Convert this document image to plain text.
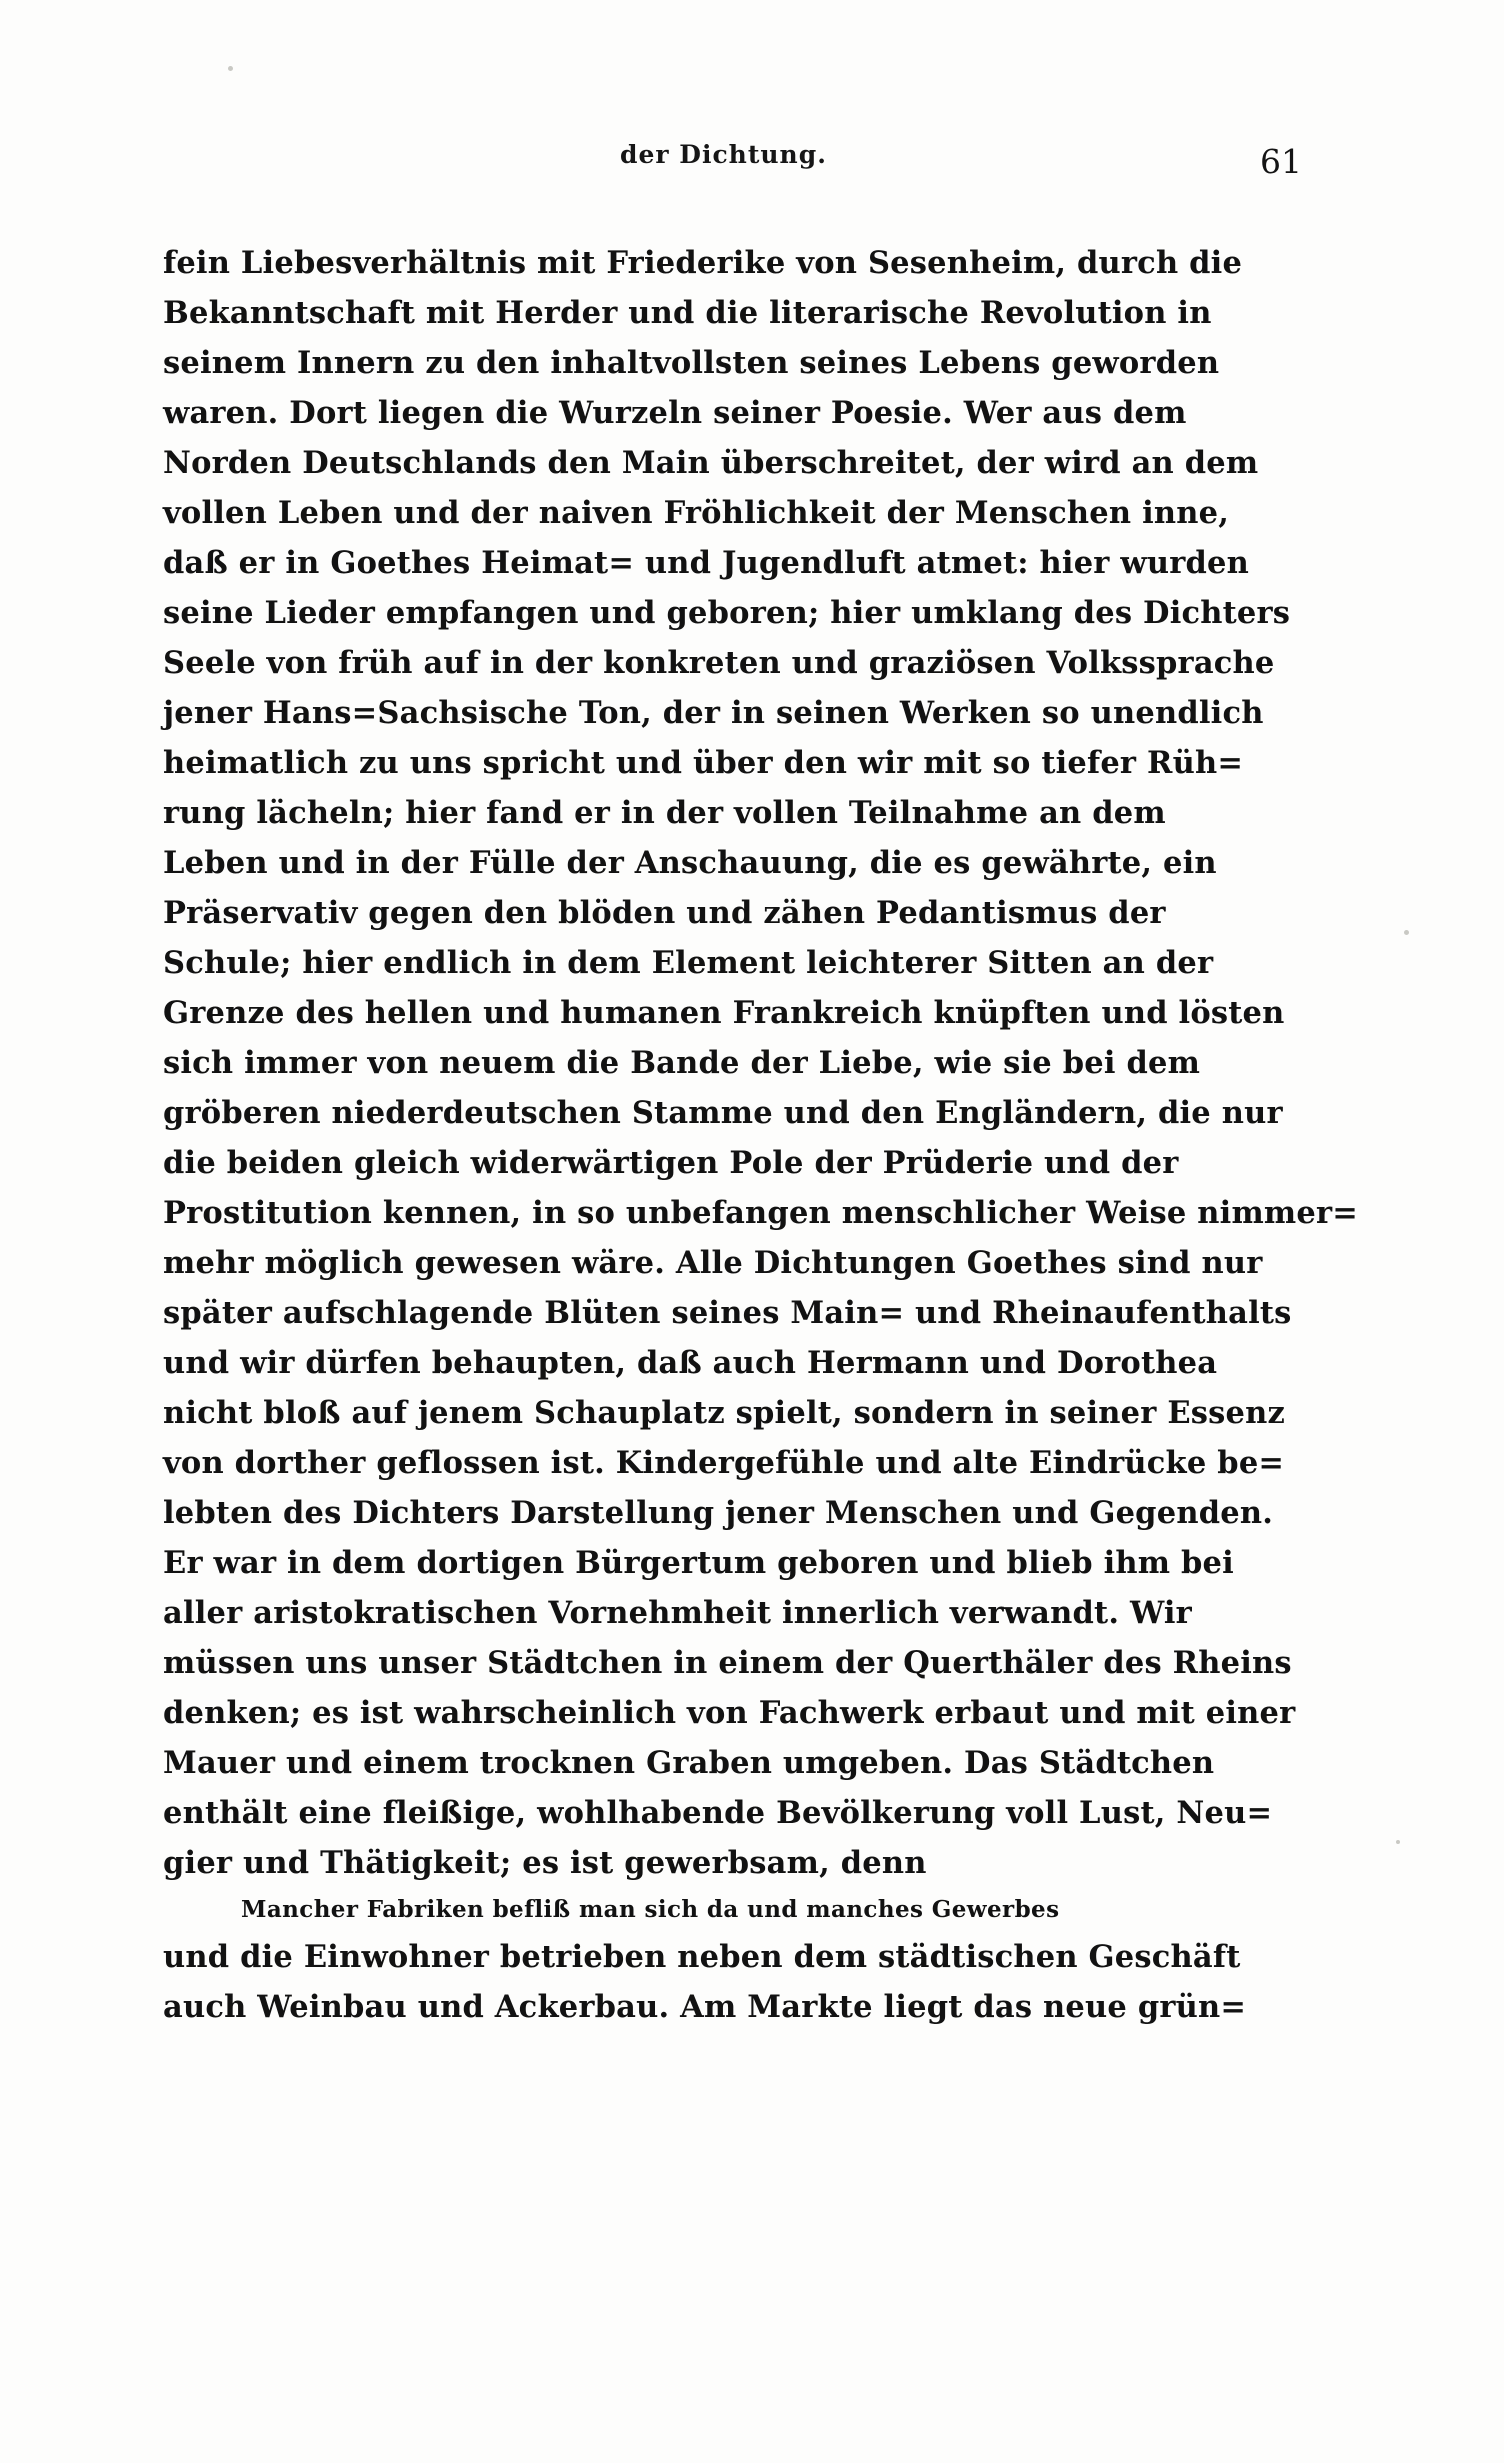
der Dichtung.	61
fein Liebesverhältnis mit Friederike von Sesenheim, durch die
Bekanntschaft mit Herder und die literarische Revolution in
seinem Innern zu den inhaltvollsten seines Lebens geworden
waren. Dort liegen die Wurzeln seiner Poesie. Wer aus dem
Norden Deutschlands den Main überschreitet, der wird an dem
vollen Leben und der naiven Fröhlichkeit der Menschen inne,
daß er in Goethes Heimat= und Jugendluft atmet: hier wurden
seine Lieder empfangen und geboren; hier umklang des Dichters
Seele von früh auf in der konkreten und graziösen Volkssprache
jener Hans=Sachsische Ton, der in seinen Werken so unendlich
heimatlich zu uns spricht und über den wir mit so tiefer Rüh=
rung lächeln; hier fand er in der vollen Teilnahme an dem
Leben und in der Fülle der Anschauung, die es gewährte, ein
Präservativ gegen den blöden und zähen Pedantismus der
Schule; hier endlich in dem Element leichterer Sitten an der
Grenze des hellen und humanen Frankreich knüpften und lösten
sich immer von neuem die Bande der Liebe, wie sie bei dem
gröberen niederdeutschen Stamme und den Engländern, die nur
die beiden gleich widerwärtigen Pole der Prüderie und der
Prostitution kennen, in so unbefangen menschlicher Weise nimmer=
mehr möglich gewesen wäre. Alle Dichtungen Goethes sind nur
später aufschlagende Blüten seines Main= und Rheinaufenthalts
und wir dürfen behaupten, daß auch Hermann und Dorothea
nicht bloß auf jenem Schauplatz spielt, sondern in seiner Essenz
von dorther geflossen ist. Kindergefühle und alte Eindrücke be=
lebten des Dichters Darstellung jener Menschen und Gegenden.
Er war in dem dortigen Bürgertum geboren und blieb ihm bei
aller aristokratischen Vornehmheit innerlich verwandt. Wir
müssen uns unser Städtchen in einem der Querthäler des Rheins
denken; es ist wahrscheinlich von Fachwerk erbaut und mit einer
Mauer und einem trocknen Graben umgeben. Das Städtchen
enthält eine fleißige, wohlhabende Bevölkerung voll Lust, Neu=
gier und Thätigkeit; es ist gewerbsam, denn
Mancher Fabriken befliß man sich da und manches Gewerbes
und die Einwohner betrieben neben dem städtischen Geschäft
auch Weinbau und Ackerbau. Am Markte liegt das neue grün=
